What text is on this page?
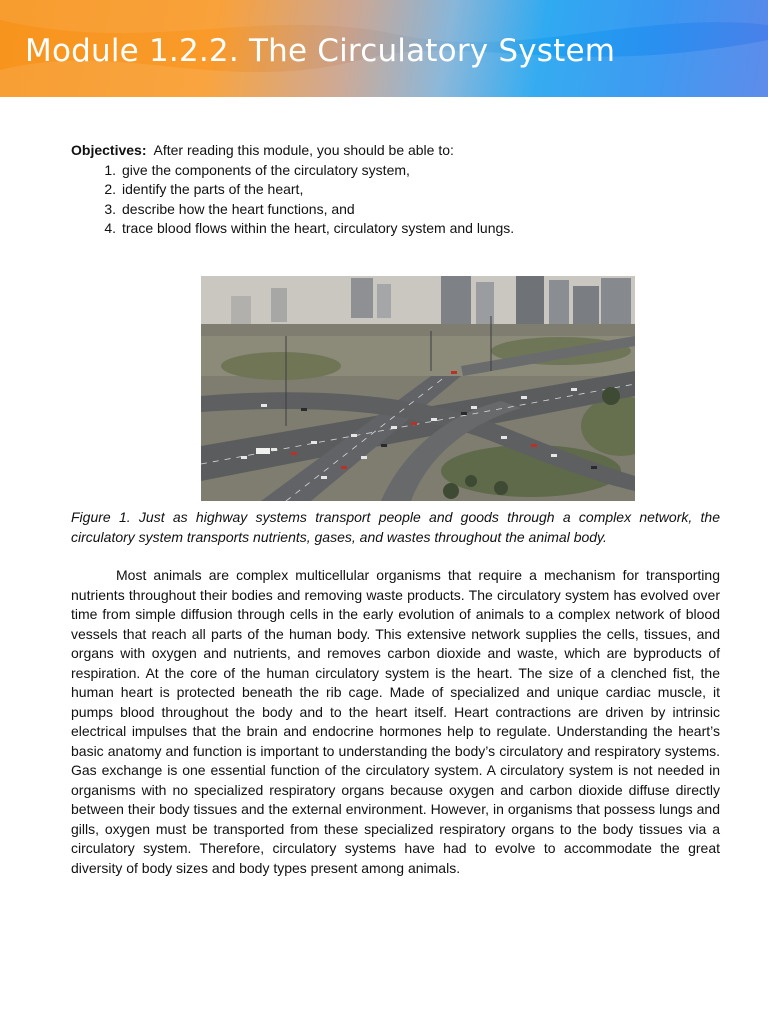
Module 1.2.2. The Circulatory System
Objectives: After reading this module, you should be able to:
1. give the components of the circulatory system,
2. identify the parts of the heart,
3. describe how the heart functions, and
4. trace blood flows within the heart, circulatory system and lungs.
Figure 1. Just as highway systems transport people and goods through a complex network, the circulatory system transports nutrients, gases, and wastes throughout the animal body.

Most animals are complex multicellular organisms that require a mechanism for transporting nutrients throughout their bodies and removing waste products. The circulatory system has evolved over time from simple diffusion through cells in the early evolution of animals to a complex network of blood vessels that reach all parts of the human body. This extensive network supplies the cells, tissues, and organs with oxygen and nutrients, and removes carbon dioxide and waste, which are byproducts of respiration. At the core of the human circulatory system is the heart. The size of a clenched fist, the human heart is protected beneath the rib cage. Made of specialized and unique cardiac muscle, it pumps blood throughout the body and to the heart itself. Heart contractions are driven by intrinsic electrical impulses that the brain and endocrine hormones help to regulate. Understanding the heart’s basic anatomy and function is important to understanding the body’s circulatory and respiratory systems. Gas exchange is one essential function of the circulatory system. A circulatory system is not needed in organisms with no specialized respiratory organs because oxygen and carbon dioxide diffuse directly between their body tissues and the external environment. However, in organisms that possess lungs and gills, oxygen must be transported from these specialized respiratory organs to the body tissues via a circulatory system. Therefore, circulatory systems have had to evolve to accommodate the great diversity of body sizes and body types present among animals.
